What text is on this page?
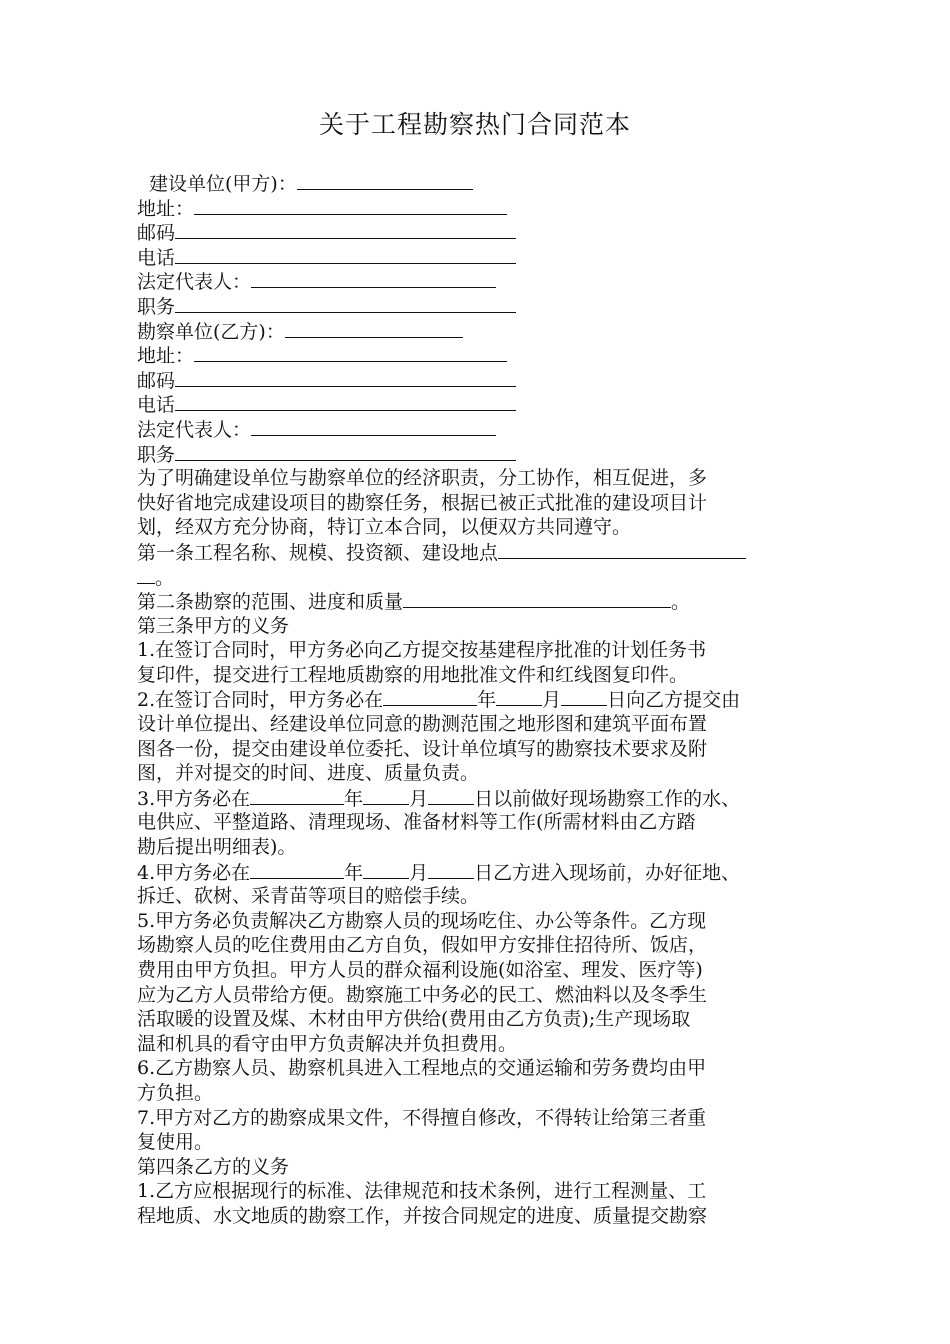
关于工程勘察热门合同范本
建设单位(甲方)：
地址：
邮码
电话
法定代表人：
职务
勘察单位(乙方)：
地址：
邮码
电话
法定代表人：
职务
为了明确建设单位与勘察单位的经济职责，分工协作，相互促进，多
快好省地完成建设项目的勘察任务，根据已被正式批准的建设项目计
划，经双方充分协商，特订立本合同，以便双方共同遵守。
第一条工程名称、规模、投资额、建设地点
。
第二条勘察的范围、进度和质量	。
第三条甲方的义务
1.在签订合同时，甲方务必向乙方提交按基建程序批准的计划任务书
复印件，提交进行工程地质勘察的用地批准文件和红线图复印件。
2.在签订合同时，甲方务必在	年 月 日向乙方提交由
设计单位提出、经建设单位同意的勘测范围之地形图和建筑平面布置
图各一份，提交由建设单位委托、设计单位填写的勘察技术要求及附
图，并对提交的时间、进度、质量负责。
3.甲方务必在	年 月 日以前做好现场勘察工作的水、
电供应、平整道路、清理现场、准备材料等工作(所需材料由乙方踏
勘后提出明细表)。
4.甲方务必在	年 月 日乙方进入现场前，办好征地、
拆迁、砍树、采青苗等项目的赔偿手续。
5.甲方务必负责解决乙方勘察人员的现场吃住、办公等条件。乙方现
场勘察人员的吃住费用由乙方自负，假如甲方安排住招待所、饭店，
费用由甲方负担。甲方人员的群众福利设施(如浴室、理发、医疗等)
应为乙方人员带给方便。勘察施工中务必的民工、燃油料以及冬季生
活取暖的设置及煤、木材由甲方供给(费用由乙方负责);生产现场取
温和机具的看守由甲方负责解决并负担费用。
6.乙方勘察人员、勘察机具进入工程地点的交通运输和劳务费均由甲
方负担。
7.甲方对乙方的勘察成果文件，不得擅自修改，不得转让给第三者重
复使用。
第四条乙方的义务
1.乙方应根据现行的标准、法律规范和技术条例，进行工程测量、工
程地质、水文地质的勘察工作，并按合同规定的进度、质量提交勘察
